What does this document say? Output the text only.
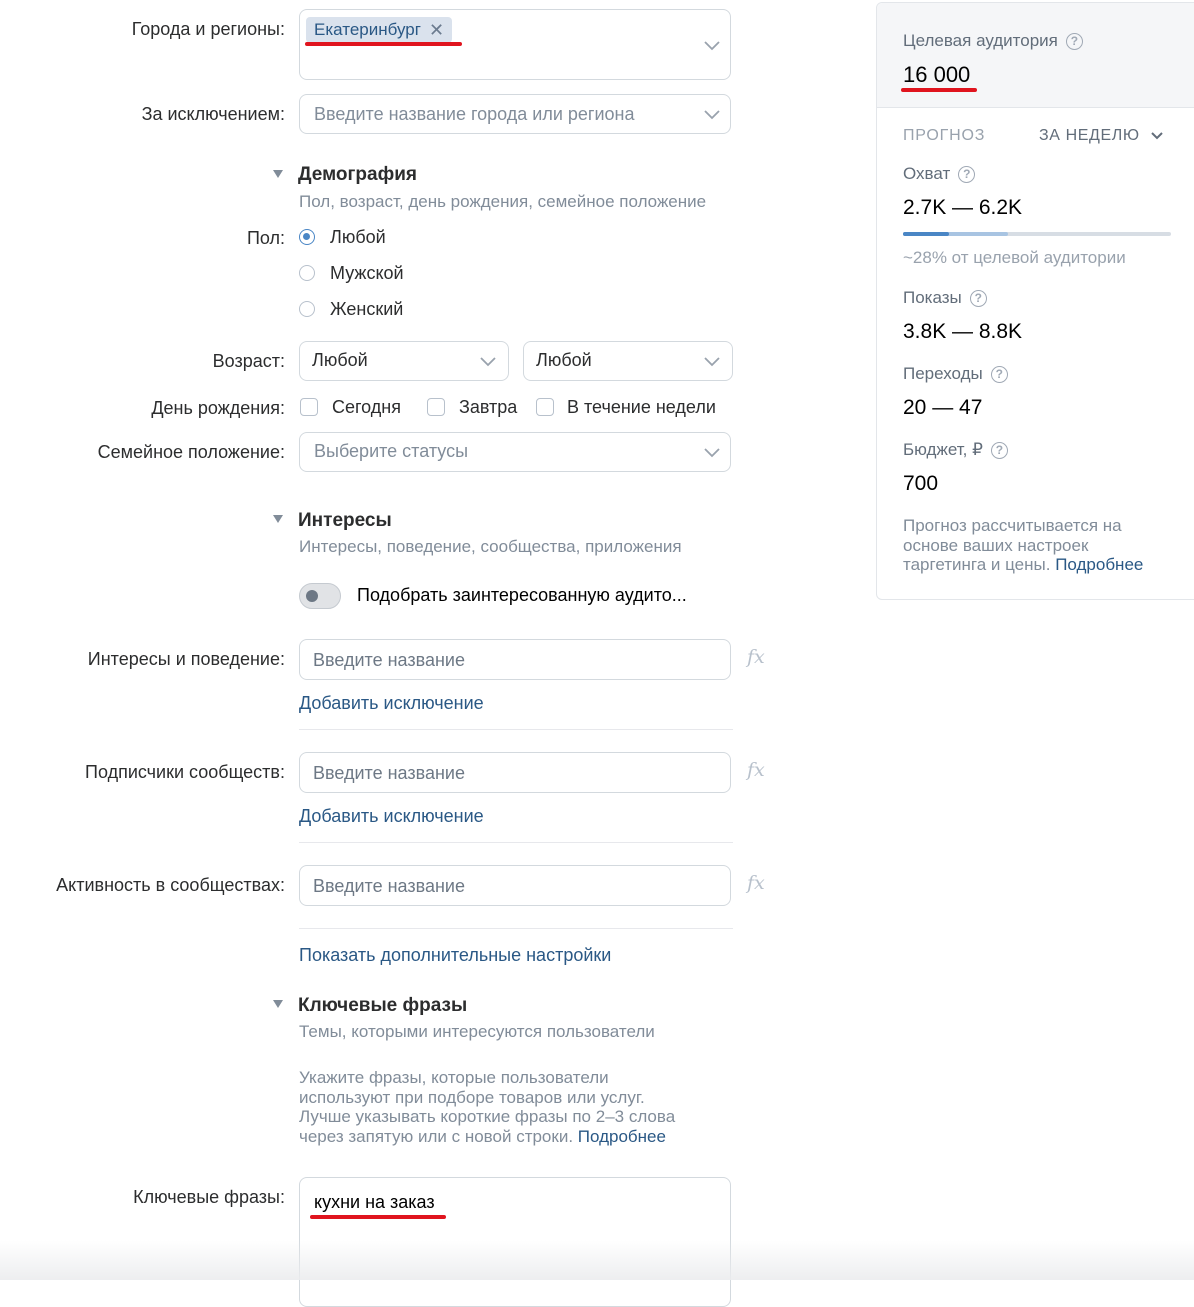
Города и регионы: Екатеринбург ✕
За исключением: Введите название города или региона
Демография
Пол, возраст, день рождения, семейное положение
Пол:	Любой
Мужской
Женский
Возраст: Любой	Любой
День рождения:	Сегодня	Завтра	В течение недели
Семейное положение: Выберите статусы
Интересы
Интересы, поведение, сообщества, приложения
Подобрать заинтересованную аудито...
Интересы и поведение: Введите название	fx
Добавить исключение
Подписчики сообществ: Введите название	fx
Добавить исключение
Активность в сообществах: Введите название	fx
Показать дополнительные настройки
Ключевые фразы
Темы, которыми интересуются пользователи
Укажите фразы, которые пользователи
используют при подборе товаров или услуг.
Лучше указывать короткие фразы по 2–3 слова
через запятую или с новой строки. Подробнее
Ключевые фразы: кухни на заказ
Целевая аудитория ?
16 000
ПРОГНОЗ	ЗА НЕДЕЛЮ
Охват ?
2.7K — 6.2K
~28% от целевой аудитории
Показы ?
3.8K — 8.8K
Переходы ?
20 — 47
Бюджет, ₽ ?
700
Прогноз рассчитывается на
основе ваших настроек
таргетинга и цены. Подробнее
